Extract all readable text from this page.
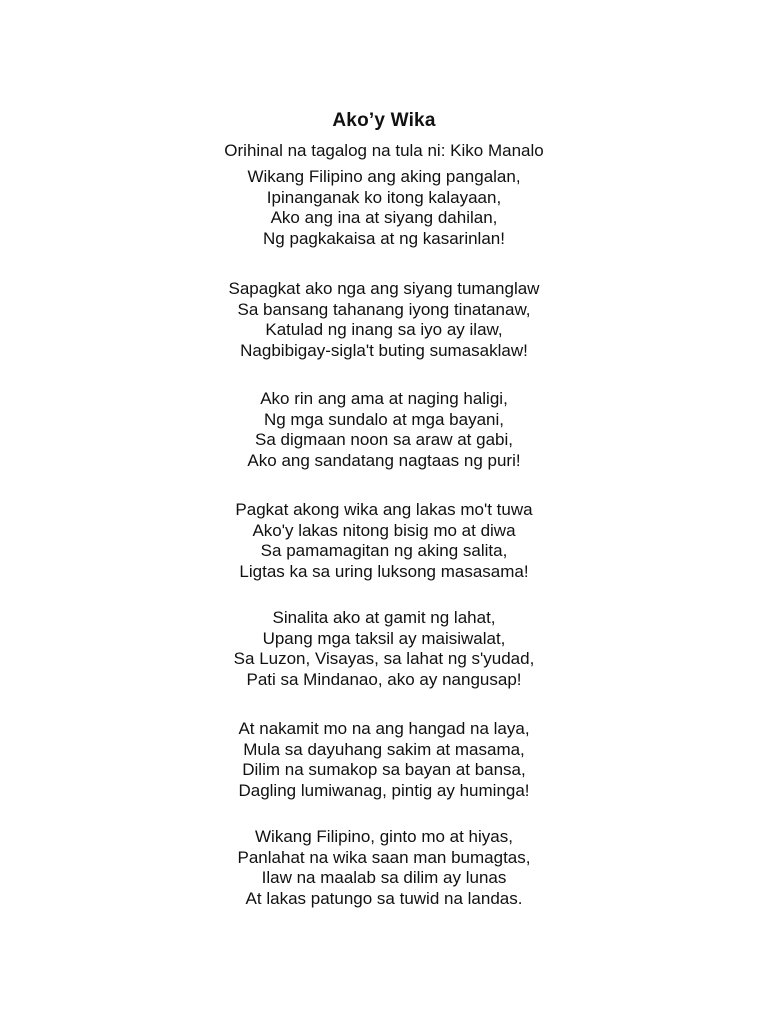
Ako’y Wika
Orihinal na tagalog na tula ni: Kiko Manalo
Wikang Filipino ang aking pangalan,
Ipinanganak ko itong kalayaan,
Ako ang ina at siyang dahilan,
Ng pagkakaisa at ng kasarinlan!
Sapagkat ako nga ang siyang tumanglaw
Sa bansang tahanang iyong tinatanaw,
Katulad ng inang sa iyo ay ilaw,
Nagbibigay-sigla't buting sumasaklaw!
Ako rin ang ama at naging haligi,
Ng mga sundalo at mga bayani,
Sa digmaan noon sa araw at gabi,
Ako ang sandatang nagtaas ng puri!
Pagkat akong wika ang lakas mo't tuwa
Ako'y lakas nitong bisig mo at diwa
Sa pamamagitan ng aking salita,
Ligtas ka sa uring luksong masasama!
Sinalita ako at gamit ng lahat,
Upang mga taksil ay maisiwalat,
Sa Luzon, Visayas, sa lahat ng s'yudad,
Pati sa Mindanao, ako ay nangusap!
At nakamit mo na ang hangad na laya,
Mula sa dayuhang sakim at masama,
Dilim na sumakop sa bayan at bansa,
Dagling lumiwanag, pintig ay huminga!
Wikang Filipino, ginto mo at hiyas,
Panlahat na wika saan man bumagtas,
Ilaw na maalab sa dilim ay lunas
At lakas patungo sa tuwid na landas.
